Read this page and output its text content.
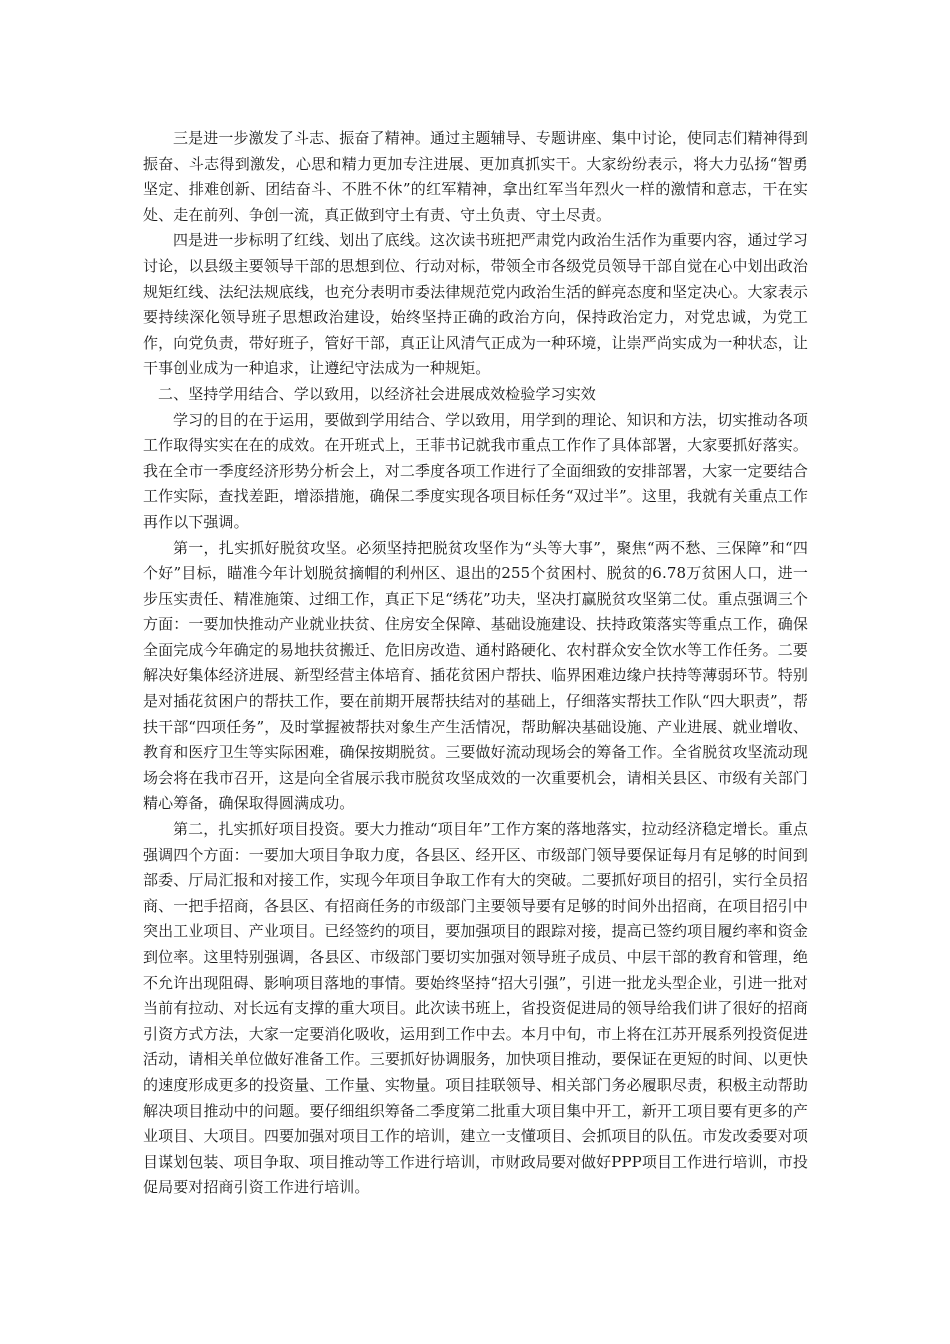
三是进一步激发了斗志、振奋了精神。通过主题辅导、专题讲座、集中讨论，使同志们精神得到振奋、斗志得到激发，心思和精力更加专注进展、更加真抓实干。大家纷纷表示，将大力弘扬“智勇坚定、排难创新、团结奋斗、不胜不休”的红军精神，拿出红军当年烈火一样的激情和意志，干在实处、走在前列、争创一流，真正做到守土有责、守土负责、守土尽责。

四是进一步标明了红线、划出了底线。这次读书班把严肃党内政治生活作为重要内容，通过学习讨论，以县级主要领导干部的思想到位、行动对标，带领全市各级党员领导干部自觉在心中划出政治规矩红线、法纪法规底线，也充分表明市委法律规范党内政治生活的鲜亮态度和坚定决心。大家表示要持续深化领导班子思想政治建设，始终坚持正确的政治方向，保持政治定力，对党忠诚，为党工作，向党负责，带好班子，管好干部，真正让风清气正成为一种环境，让崇严尚实成为一种状态，让干事创业成为一种追求，让遵纪守法成为一种规矩。

二、坚持学用结合、学以致用，以经济社会进展成效检验学习实效

学习的目的在于运用，要做到学用结合、学以致用，用学到的理论、知识和方法，切实推动各项工作取得实实在在的成效。在开班式上，王菲书记就我市重点工作作了具体部署，大家要抓好落实。我在全市一季度经济形势分析会上，对二季度各项工作进行了全面细致的安排部署，大家一定要结合工作实际，查找差距，增添措施，确保二季度实现各项目标任务“双过半”。这里，我就有关重点工作再作以下强调。

第一，扎实抓好脱贫攻坚。必须坚持把脱贫攻坚作为“头等大事”，聚焦“两不愁、三保障”和“四个好”目标，瞄准今年计划脱贫摘帽的利州区、退出的255个贫困村、脱贫的6.78万贫困人口，进一步压实责任、精准施策、过细工作，真正下足“绣花”功夫，坚决打赢脱贫攻坚第二仗。重点强调三个方面：一要加快推动产业就业扶贫、住房安全保障、基础设施建设、扶持政策落实等重点工作，确保全面完成今年确定的易地扶贫搬迁、危旧房改造、通村路硬化、农村群众安全饮水等工作任务。二要解决好集体经济进展、新型经营主体培育、插花贫困户帮扶、临界困难边缘户扶持等薄弱环节。特别是对插花贫困户的帮扶工作，要在前期开展帮扶结对的基础上，仔细落实帮扶工作队“四大职责”，帮扶干部“四项任务”，及时掌握被帮扶对象生产生活情况，帮助解决基础设施、产业进展、就业增收、教育和医疗卫生等实际困难，确保按期脱贫。三要做好流动现场会的筹备工作。全省脱贫攻坚流动现场会将在我市召开，这是向全省展示我市脱贫攻坚成效的一次重要机会，请相关县区、市级有关部门精心筹备，确保取得圆满成功。

第二，扎实抓好项目投资。要大力推动“项目年”工作方案的落地落实，拉动经济稳定增长。重点强调四个方面：一要加大项目争取力度，各县区、经开区、市级部门领导要保证每月有足够的时间到部委、厅局汇报和对接工作，实现今年项目争取工作有大的突破。二要抓好项目的招引，实行全员招商、一把手招商，各县区、有招商任务的市级部门主要领导要有足够的时间外出招商，在项目招引中突出工业项目、产业项目。已经签约的项目，要加强项目的跟踪对接，提高已签约项目履约率和资金到位率。这里特别强调，各县区、市级部门要切实加强对领导班子成员、中层干部的教育和管理，绝不允许出现阻碍、影响项目落地的事情。要始终坚持“招大引强”，引进一批龙头型企业，引进一批对当前有拉动、对长远有支撑的重大项目。此次读书班上，省投资促进局的领导给我们讲了很好的招商引资方式方法，大家一定要消化吸收，运用到工作中去。本月中旬，市上将在江苏开展系列投资促进活动，请相关单位做好准备工作。三要抓好协调服务，加快项目推动，要保证在更短的时间、以更快的速度形成更多的投资量、工作量、实物量。项目挂联领导、相关部门务必履职尽责，积极主动帮助解决项目推动中的问题。要仔细组织筹备二季度第二批重大项目集中开工，新开工项目要有更多的产业项目、大项目。四要加强对项目工作的培训，建立一支懂项目、会抓项目的队伍。市发改委要对项目谋划包装、项目争取、项目推动等工作进行培训，市财政局要对做好PPP项目工作进行培训，市投促局要对招商引资工作进行培训。
